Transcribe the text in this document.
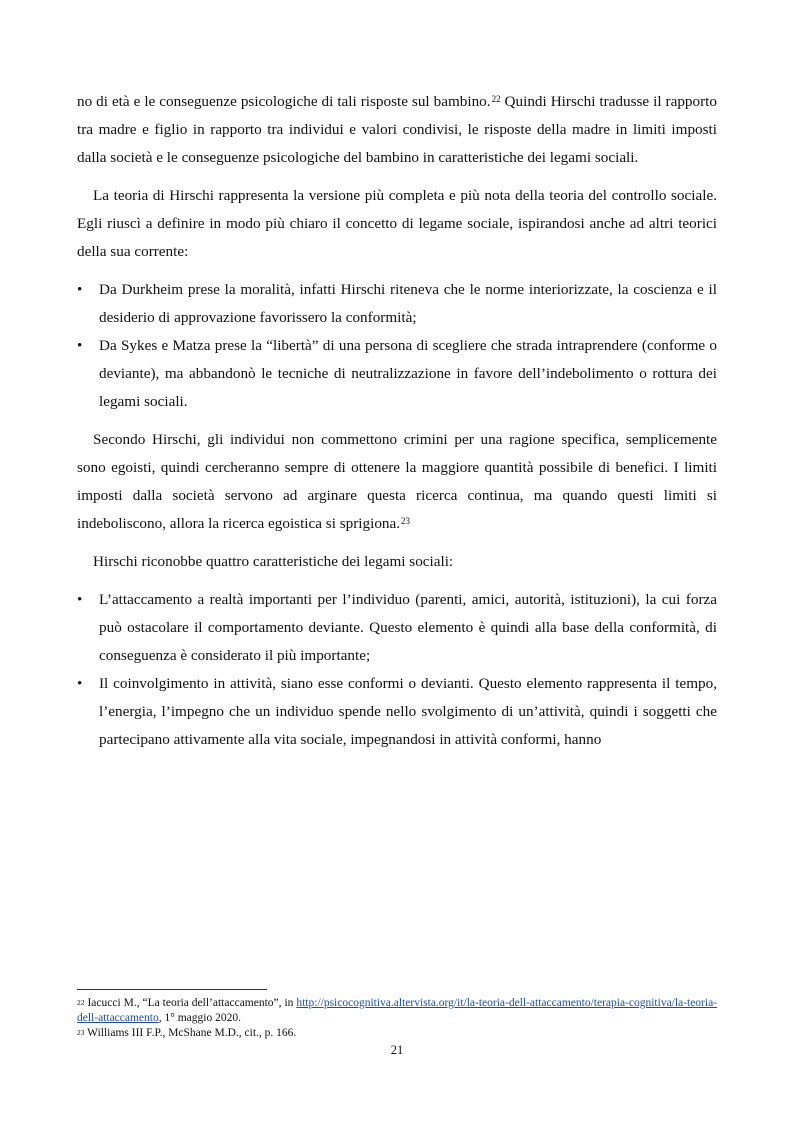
no di età e le conseguenze psicologiche di tali risposte sul bambino.$^{22}$ Quindi Hirschi tradusse il rapporto tra madre e figlio in rapporto tra individui e valori condivisi, le risposte della madre in limiti imposti dalla società e le conseguenze psicologiche del bambino in caratteristiche dei legami sociali.

La teoria di Hirschi rappresenta la versione più completa e più nota della teoria del controllo sociale. Egli riuscì a definire in modo più chiaro il concetto di legame sociale, ispirandosi anche ad altri teorici della sua corrente:

• Da Durkheim prese la moralità, infatti Hirschi riteneva che le norme interiorizzate, la coscienza e il desiderio di approvazione favorissero la conformità;
• Da Sykes e Matza prese la “libertà” di una persona di scegliere che strada intraprendere (conforme o deviante), ma abbandonò le tecniche di neutralizzazione in favore dell’indebolimento o rottura dei legami sociali.

Secondo Hirschi, gli individui non commettono crimini per una ragione specifica, semplicemente sono egoisti, quindi cercheranno sempre di ottenere la maggiore quantità possibile di benefici. I limiti imposti dalla società servono ad arginare questa ricerca continua, ma quando questi limiti si indeboliscono, allora la ricerca egoistica si sprigiona.$^{23}$

Hirschi riconobbe quattro caratteristiche dei legami sociali:

• L’attaccamento a realtà importanti per l’individuo (parenti, amici, autorità, istituzioni), la cui forza può ostacolare il comportamento deviante. Questo elemento è quindi alla base della conformità, di conseguenza è considerato il più importante;
• Il coinvolgimento in attività, siano esse conformi o devianti. Questo elemento rappresenta il tempo, l’energia, l’impegno che un individuo spende nello svolgimento di un’attività, quindi i soggetti che partecipano attivamente alla vita sociale, impegnandosi in attività conformi, hanno

$^{22}$ Iacucci M., “La teoria dell’attaccamento”, in http://psicocognitiva.altervista.org/it/la-teoria-dell-attaccamento/terapia-cognitiva/la-teoria-dell-attaccamento, 1° maggio 2020.

$^{23}$ Williams III F.P., McShane M.D., cit., p. 166.

21
